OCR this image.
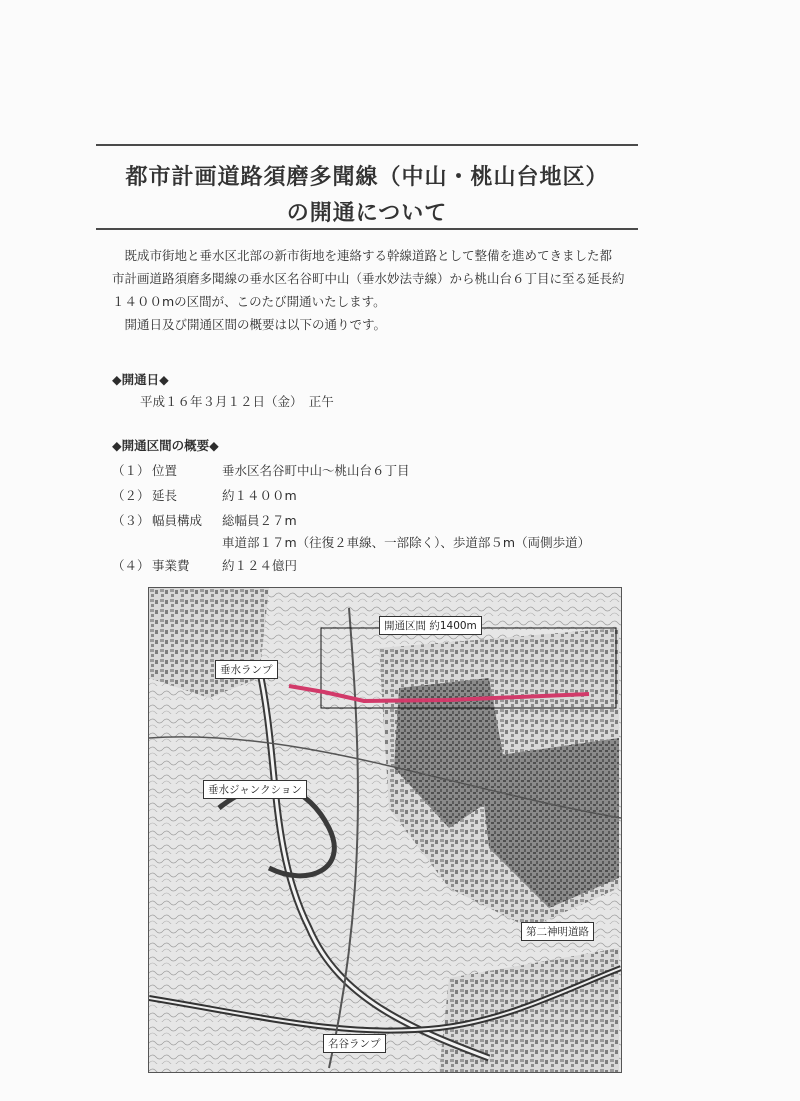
都市計画道路須磨多聞線（中山・桃山台地区）
の開通について

既成市街地と垂水区北部の新市街地を連絡する幹線道路として整備を進めてきました都

市計画道路須磨多聞線の垂水区名谷町中山（垂水妙法寺線）から桃山台６丁目に至る延長約

１４００mの区間が、このたび開通いたします。

開通日及び開通区間の概要は以下の通りです。

◆開通日◆
平成１６年３月１２日（金）　正午
◆開通区間の概要◆
（１） 位置	垂水区名谷町中山～桃山台６丁目
（２） 延長	約１４００m
（３） 幅員構成 総幅員２７m
車道部１７m（往復２車線、一部除く）、歩道部５m（両側歩道）
（４） 事業費	約１２４億円
開通区間 約1400m
垂水ランプ
垂水ジャンクション
第二神明道路
名谷ランプ
